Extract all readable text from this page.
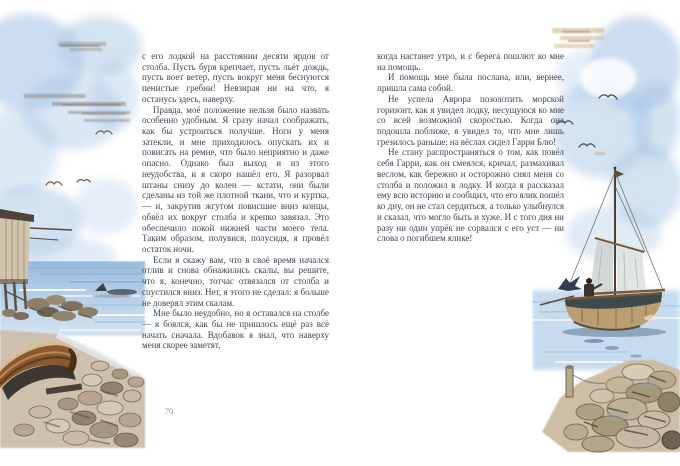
с его лодкой на расстоянии десяти ярдов от столба. Пусть буря крепчает, пусть льёт дождь, пусть воет ветер, пусть вокруг меня беснуются пенистые гребни! Невзирая ни на что, я останусь здесь, наверху.

Правда, моё положение нельзя было назвать особенно удобным. Я сразу начал соображать, как бы устроиться получше. Ноги у меня затекли, и мне приходилось опускать их и повисать на ремне, что было неприятно и даже опасно. Однако был выход и из этого неудобства, и я скоро нашёл его. Я разорвал штаны снизу до колен — кстати, они были сделаны из той же плотной ткани, что и куртка, — и, закрутив жгутом повисшие вниз концы, обвёл их вокруг столба и крепко завязал. Это обеспечило покой нижней части моего тела. Таким образом, полувися, полусидя, я провёл остаток ночи.

Если я скажу вам, что в своё время начался отлив и снова обнажились скалы, вы решите, что я, конечно, тотчас отвязался от столба и спустился вниз. Нет, я этого не сделал: я больше не доверял этим скалам.

Мне было неудобно, но я оставался на столбе — я боялся, как бы не пришлось ещё раз всё начать сначала. Вдобавок я знал, что наверху меня скорее заметят,

когда настанет утро, и с берега пошлют ко мне на помощь.

И помощь мне была послана, или, вернее, пришла сама собой.

Не успела Аврора позолотить морской горизонт, как я увидел лодку, несущуюся ко мне со всей возможной скоростью. Когда она подошла поближе, я увидел то, что мне лишь грезилось раньше: на вёслах сидел Гарри Блю!

Не стану распространяться о том, как повёл себя Гарри, как он смеялся, кричал, размахивал веслом, как бережно и осторожно снял меня со столба и положил в лодку. И когда я рассказал ему всю историю и сообщил, что его ялик пошёл ко дну, он не стал сердиться, а только улыбнулся и сказал, что могло быть и хуже. И с того дня ни разу ни один упрёк не сорвался с его уст — ни слова о погибшем ялике!

70
